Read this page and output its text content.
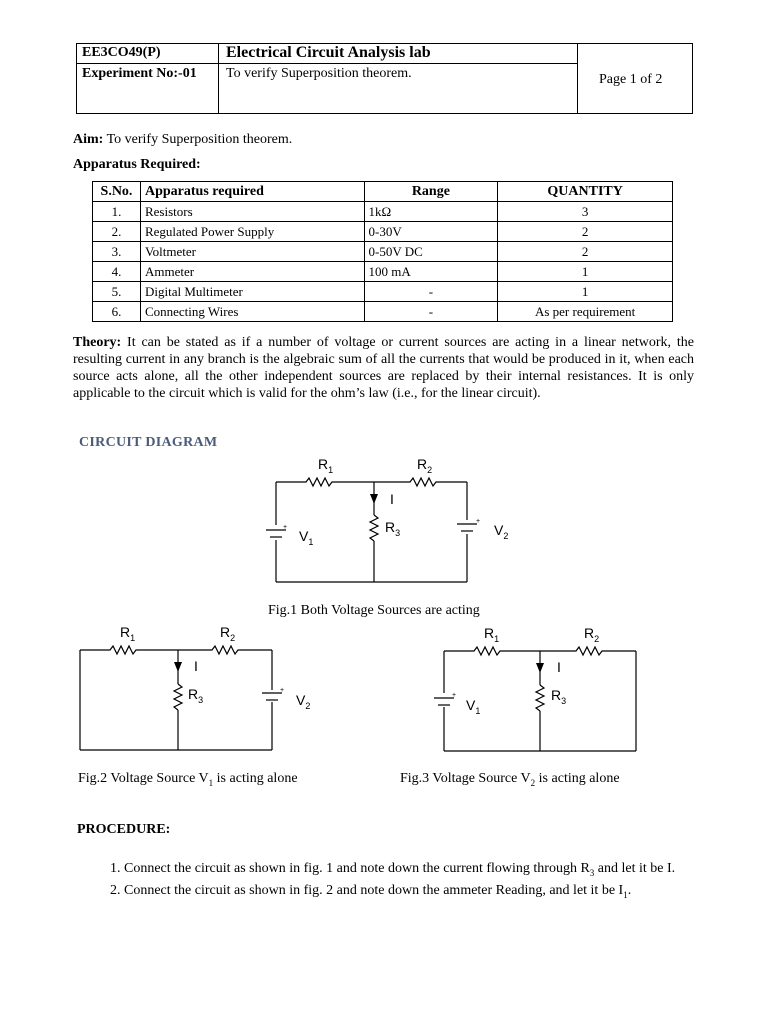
EE3CO49(P)	Electrical Circuit Analysis lab
Experiment No:-01 To verify Superposition theorem.	Page 1 of 2
Aim: To verify Superposition theorem.
Apparatus Required:
S.No.	Apparatus required	Range	QUANTITY
1.	Resistors	1kΩ	3
2.	Regulated Power Supply	0-30V	2
3.	Voltmeter	0-50V DC	2
4.	Ammeter	100 mA	1
5.	Digital Multimeter	-	1
6.	Connecting Wires	-	As per requirement
Theory: It can be stated as if a number of voltage or current sources are acting in a linear network, the resulting current in any branch is the algebraic sum of all the currents that would be produced in it, when each source acts alone, all the other independent sources are replaced by their internal resistances. It is only applicable to the circuit which is valid for the ohm’s law (i.e., for the linear circuit).
CIRCUIT DIAGRAM
$R_1$	$R_2$
I
$R_3$
$V_1$
$V_2$
+
+
$R_1$	$R_2$
I
$R_3$	$V_2$
+
$R_1$	$R_2$
I
$R_3$
$V_1$
+
Fig.1 Both Voltage Sources are acting
Fig.2 Voltage Source $V_1$ is acting alone	Fig.3 Voltage Source $V_2$ is acting alone
PROCEDURE:
1. Connect the circuit as shown in fig. 1 and note down the current flowing through $R_3$ and let it be I.
2. Connect the circuit as shown in fig. 2 and note down the ammeter Reading, and let it be $I_1$.
